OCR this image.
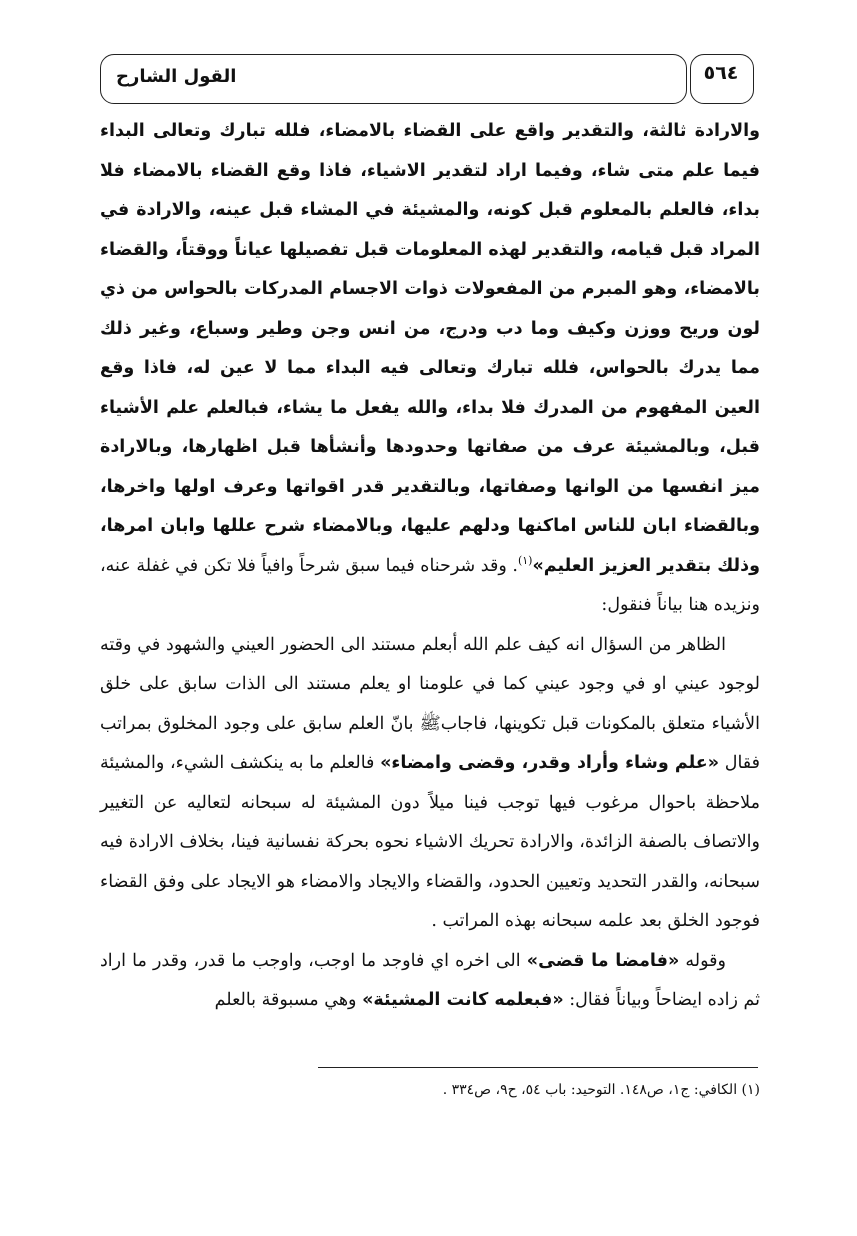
القول الشارح	٥٦٤

والارادة ثالثة، والتقدير واقع على القضاء بالامضاء، فلله تبارك وتعالى البداء فيما علم متى شاء، وفيما اراد لتقدير الاشياء، فاذا وقع القضاء بالامضاء فلا بداء، فالعلم بالمعلوم قبل كونه، والمشيئة في المشاء قبل عينه، والارادة في المراد قبل قيامه، والتقدير لهذه المعلومات قبل تفصيلها عياناً ووقتاً، والقضاء بالامضاء، وهو المبرم من المفعولات ذوات الاجسام المدركات بالحواس من ذي لون وريح ووزن وكيف وما دب ودرج، من انس وجن وطير وسباع، وغير ذلك مما يدرك بالحواس، فلله تبارك وتعالى فيه البداء مما لا عين له، فاذا وقع العين المفهوم من المدرك فلا بداء، والله يفعل ما يشاء، فبالعلم علم الأشياء قبل، وبالمشيئة عرف من صفاتها وحدودها وأنشأها قبل اظهارها، وبالارادة ميز انفسها من الوانها وصفاتها، وبالتقدير قدر اقواتها وعرف اولها واخرها، وبالقضاء ابان للناس اماكنها ودلهم عليها، وبالامضاء شرح عللها وابان امرها، وذلك بتقدير العزيز العليم»$^{(١)}$. وقد شرحناه فيما سبق شرحاً وافياً فلا تكن في غفلة عنه، ونزيده هنا بياناً فنقول:

الظاهر من السؤال انه كيف علم الله أبعلم مستند الى الحضور العيني والشهود في وقته لوجود عيني او في وجود عيني كما في علومنا او يعلم مستند الى الذات سابق على خلق الأشياء متعلق بالمكونات قبل تكوينها، فاجابﷺ بانّ العلم سابق على وجود المخلوق بمراتب فقال «علم وشاء وأراد وقدر، وقضى وامضاء» فالعلم ما به ينكشف الشيء، والمشيئة ملاحظة باحوال مرغوب فيها توجب فينا ميلاً دون المشيئة له سبحانه لتعاليه عن التغيير والاتصاف بالصفة الزائدة، والارادة تحريك الاشياء نحوه بحركة نفسانية فينا، بخلاف الارادة فيه سبحانه، والقدر التحديد وتعيين الحدود، والقضاء والايجاد والامضاء هو الايجاد على وفق القضاء فوجود الخلق بعد علمه سبحانه بهذه المراتب .

وقوله «فامضا ما قضى» الى اخره اي فاوجد ما اوجب، واوجب ما قدر، وقدر ما اراد ثم زاده ايضاحاً وبياناً فقال: «فبعلمه كانت المشيئة» وهي مسبوقة بالعلم

(١) الكافي: ج١، ص١٤٨. التوحيد: باب ٥٤، ح٩، ص٣٣٤ .
